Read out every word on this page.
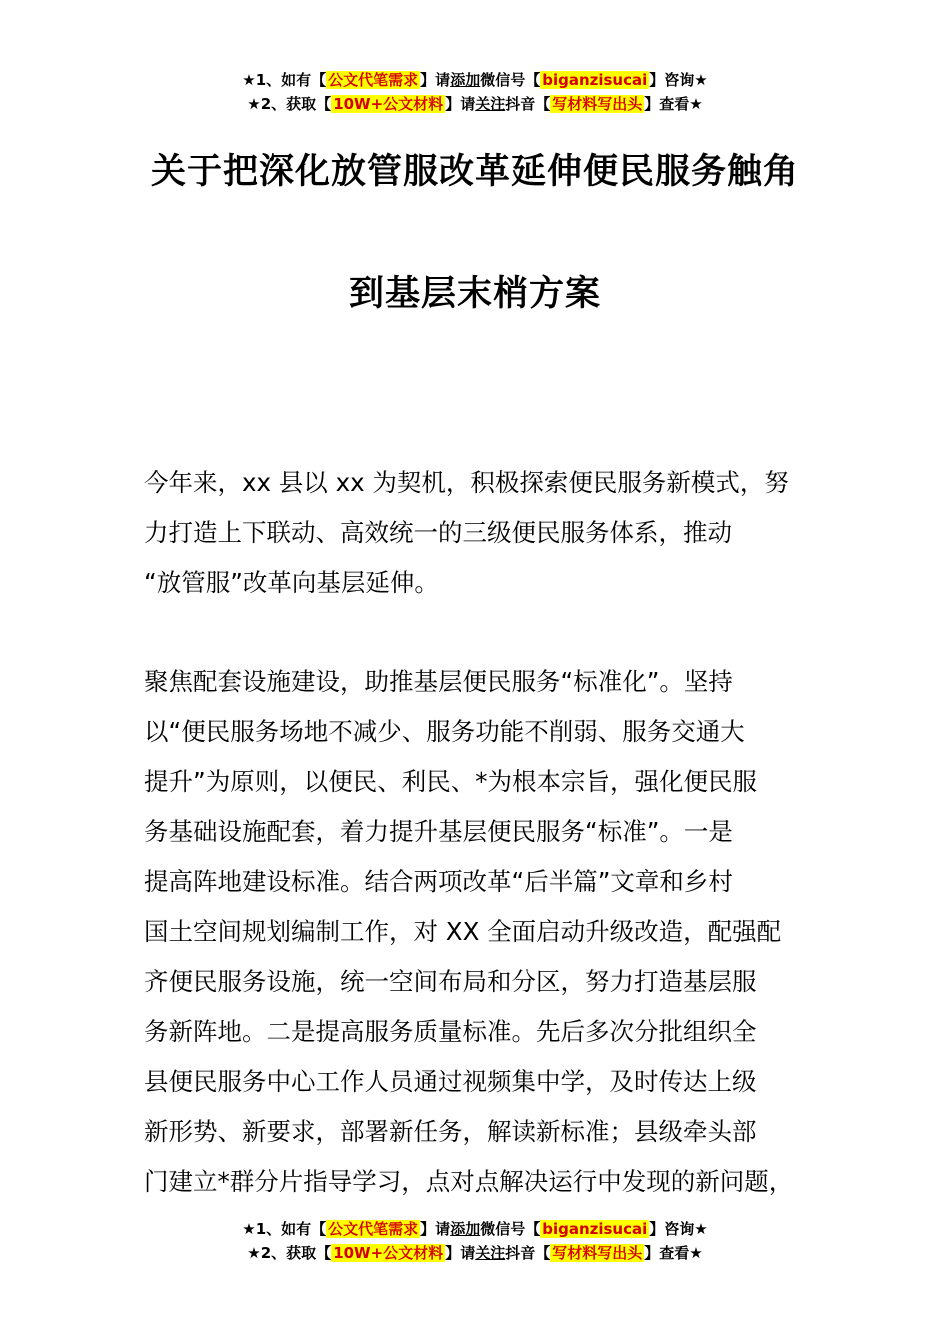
★1、如有【 公文代笔需求 】请添加微信号【 biganzisucai 】咨询★
★2、获取【 10W+公文材料 】请关注抖音【 写材料写出头 】查看★
关于把深化放管服改革延伸便民服务触角
到基层末梢方案
今年来，xx 县以 xx 为契机，积极探索便民服务新模式，努
力打造上下联动、高效统一的三级便民服务体系，推动
“放管服”改革向基层延伸。
聚焦配套设施建设，助推基层便民服务“标准化”。坚持
以“便民服务场地不减少、服务功能不削弱、服务交通大
提升”为原则，以便民、利民、*为根本宗旨，强化便民服
务基础设施配套，着力提升基层便民服务“标准”。一是
提高阵地建设标准。结合两项改革“后半篇”文章和乡村
国土空间规划编制工作，对 XX 全面启动升级改造，配强配
齐便民服务设施，统一空间布局和分区，努力打造基层服
务新阵地。二是提高服务质量标准。先后多次分批组织全
县便民服务中心工作人员通过视频集中学，及时传达上级
新形势、新要求，部署新任务，解读新标准；县级牵头部
门建立*群分片指导学习，点对点解决运行中发现的新问题，
★1、如有【 公文代笔需求 】请添加微信号【 biganzisucai 】咨询★
★2、获取【 10W+公文材料 】请关注抖音【 写材料写出头 】查看★
